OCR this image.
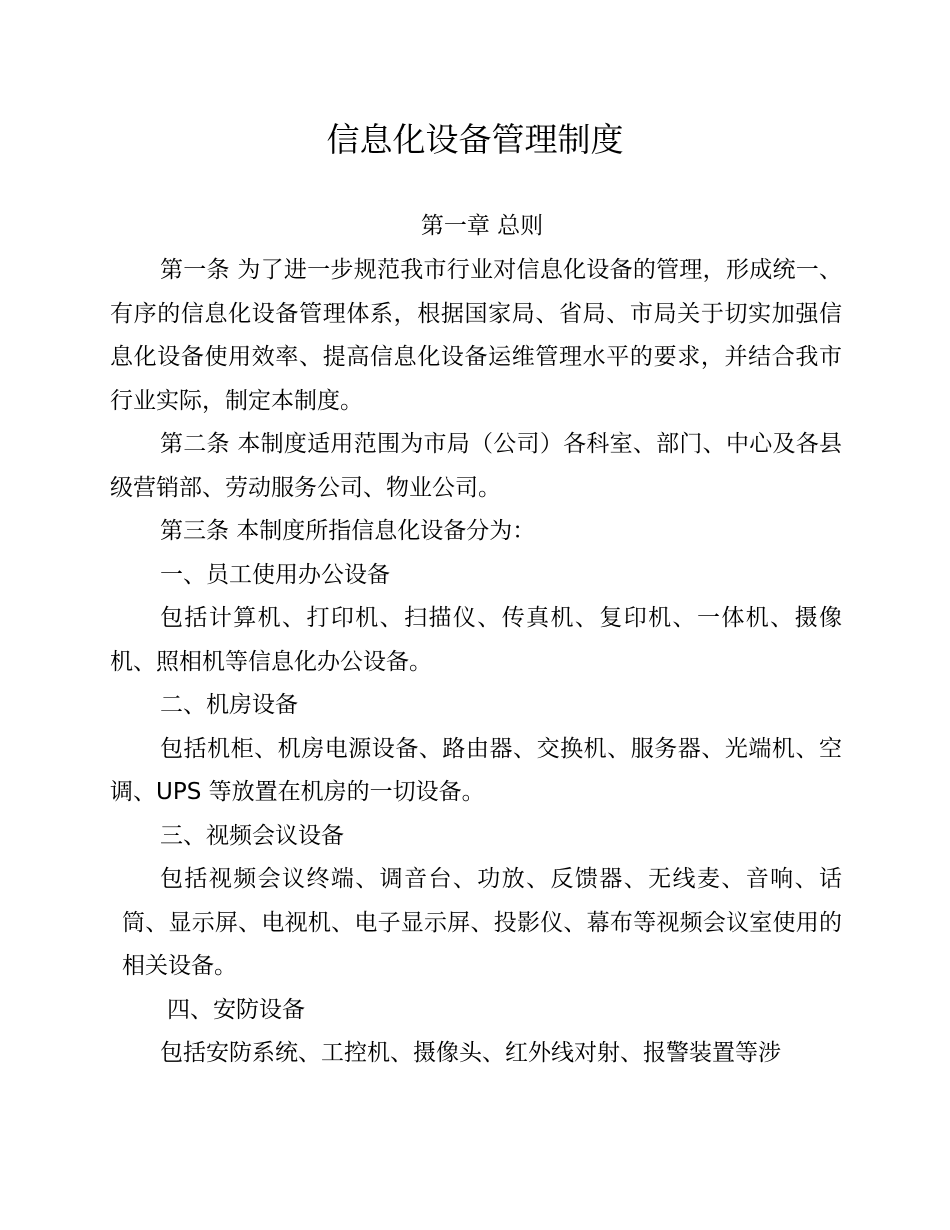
信息化设备管理制度
第一章 总则

第一条 为了进一步规范我市行业对信息化设备的管理，形成统一、有序的信息化设备管理体系，根据国家局、省局、市局关于切实加强信息化设备使用效率、提高信息化设备运维管理水平的要求，并结合我市行业实际，制定本制度。

第二条 本制度适用范围为市局（公司）各科室、部门、中心及各县级营销部、劳动服务公司、物业公司。

第三条 本制度所指信息化设备分为：

一、员工使用办公设备

包括计算机、打印机、扫描仪、传真机、复印机、一体机、摄像机、照相机等信息化办公设备。

二、机房设备

包括机柜、机房电源设备、路由器、交换机、服务器、光端机、空调、UPS 等放置在机房的一切设备。

三、视频会议设备

包括视频会议终端、调音台、功放、反馈器、无线麦、音响、话筒、显示屏、电视机、电子显示屏、投影仪、幕布等视频会议室使用的相关设备。

四、安防设备

包括安防系统、工控机、摄像头、红外线对射、报警装置等涉
